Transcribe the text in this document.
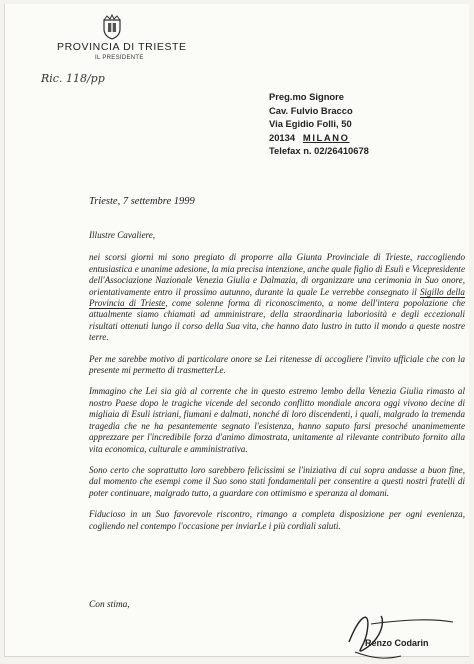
PROVINCIA DI TRIESTE
IL PRESIDENTE
Ric. 118/pp
Preg.mo Signore
Cav. Fulvio Bracco
Via Egidio Folli, 50
20134 MILANO
Telefax n. 02/26410678
Trieste, 7 settembre 1999

Illustre Cavaliere,

nei scorsi giorni mi sono pregiato di proporre alla Giunta Provinciale di Trieste, raccogliendo entusiastica e unanime adesione, la mia precisa intenzione, anche quale figlio di Esuli e Vicepresidente dell'Associazione Nazionale Venezia Giulia e Dalmazia, di organizzare una cerimonia in Suo onore, orientativamente entro il prossimo autunno, durante la quale Le verrebbe consegnato il Sigillo della Provincia di Trieste, come solenne forma di riconoscimento, a nome dell'intera popolazione che attualmente siamo chiamati ad amministrare, della straordinaria laboriosità e degli eccezionali risultati ottenuti lungo il corso della Sua vita, che hanno dato lustro in tutto il mondo a queste nostre terre.

Per me sarebbe motivo di particolare onore se Lei ritenesse di accogliere l'invito ufficiale che con la presente mi permetto di trasmetterLe.

Immagino che Lei sia già al corrente che in questo estremo lembo della Venezia Giulia rimasto al nostro Paese dopo le tragiche vicende del secondo conflitto mondiale ancora oggi vivono decine di migliaia di Esuli istriani, fiumani e dalmati, nonché di loro discendenti, i quali, malgrado la tremenda tragedia che ne ha pesantemente segnato l'esistenza, hanno saputo farsi presoché unanimemente apprezzare per l'incredibile forza d'animo dimostrata, unitamente al rilevante contributo fornito alla vita economica, culturale e amministrativa.

Sono certo che soprattutto loro sarebbero felicissimi se l'iniziativa di cui sopra andasse a buon fine, dal momento che esempi come il Suo sono stati fondamentali per consentire a questi nostri fratelli di poter continuare, malgrado tutto, a guardare con ottimismo e speranza al domani.

Fiducioso in un Suo favorevole riscontro, rimango a completa disposizione per ogni evenienza, cogliendo nel contempo l'occasione per inviarLe i più cordiali saluti.

Con stima,
Renzo Codarin
